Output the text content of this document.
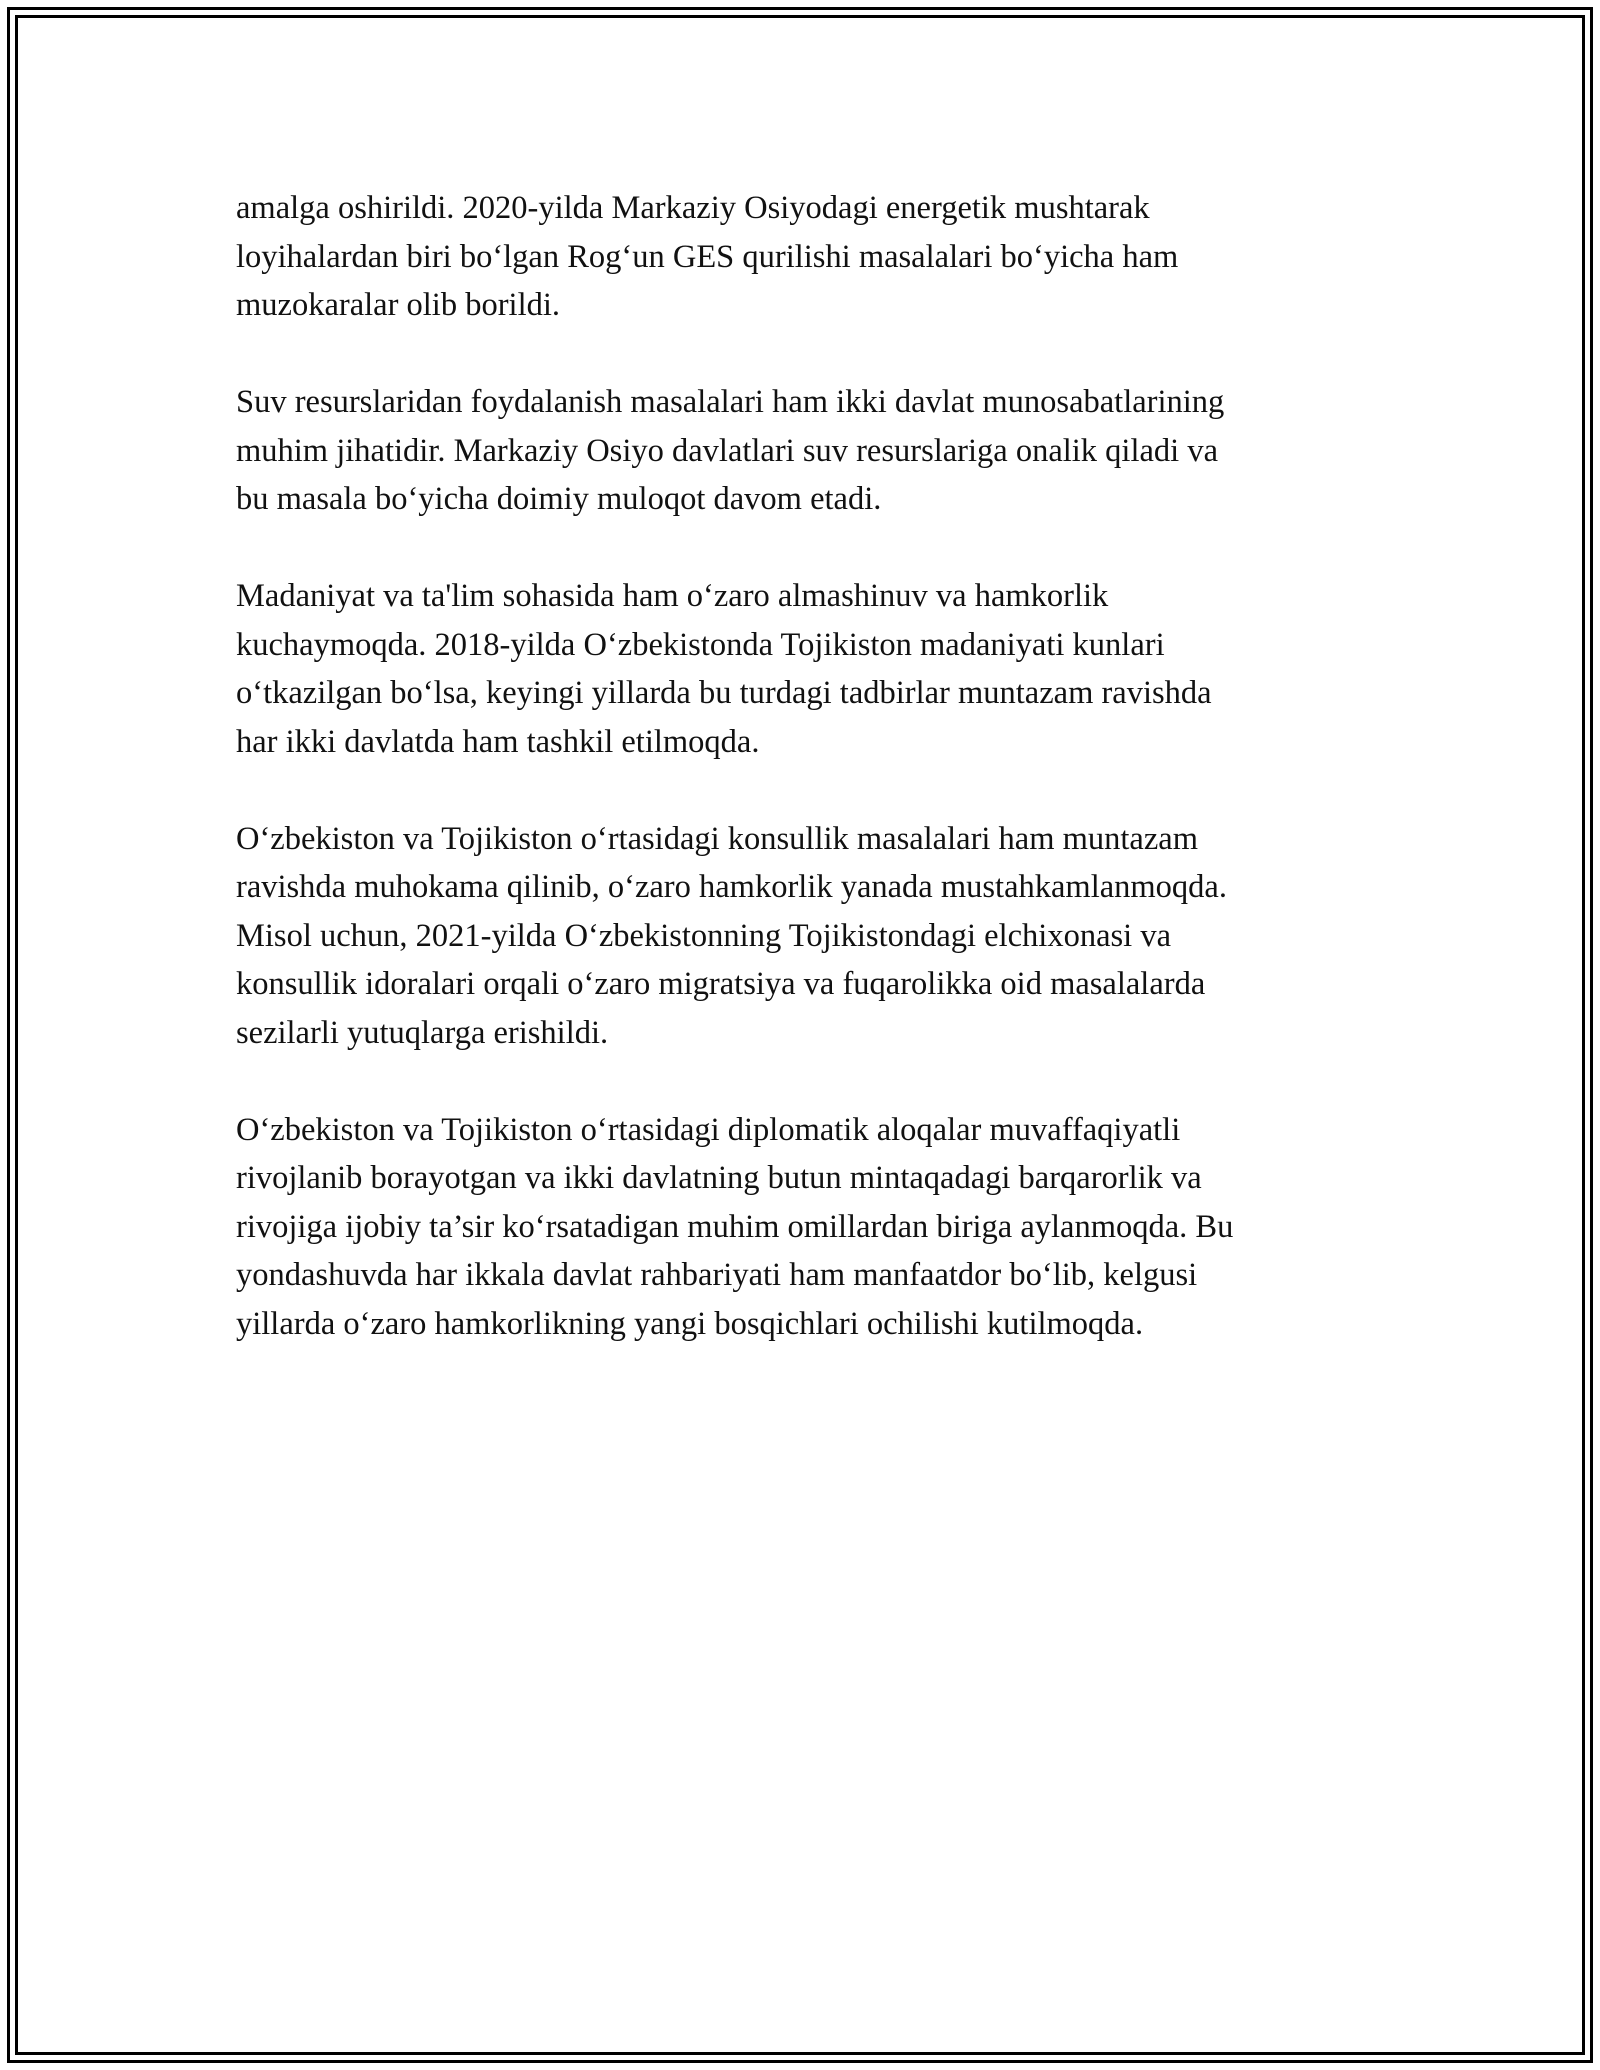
amalga oshirildi. 2020-yilda Markaziy Osiyodagi energetik mushtarak
loyihalardan biri bo‘lgan Rog‘un GES qurilishi masalalari bo‘yicha ham
muzokaralar olib borildi.

Suv resurslaridan foydalanish masalalari ham ikki davlat munosabatlarining
muhim jihatidir. Markaziy Osiyo davlatlari suv resurslariga onalik qiladi va
bu masala bo‘yicha doimiy muloqot davom etadi.

Madaniyat va ta'lim sohasida ham o‘zaro almashinuv va hamkorlik
kuchaymoqda. 2018-yilda O‘zbekistonda Tojikiston madaniyati kunlari
o‘tkazilgan bo‘lsa, keyingi yillarda bu turdagi tadbirlar muntazam ravishda
har ikki davlatda ham tashkil etilmoqda.

O‘zbekiston va Tojikiston o‘rtasidagi konsullik masalalari ham muntazam
ravishda muhokama qilinib, o‘zaro hamkorlik yanada mustahkamlanmoqda.
Misol uchun, 2021-yilda O‘zbekistonning Tojikistondagi elchixonasi va
konsullik idoralari orqali o‘zaro migratsiya va fuqarolikka oid masalalarda
sezilarli yutuqlarga erishildi.

O‘zbekiston va Tojikiston o‘rtasidagi diplomatik aloqalar muvaffaqiyatli
rivojlanib borayotgan va ikki davlatning butun mintaqadagi barqarorlik va
rivojiga ijobiy ta’sir ko‘rsatadigan muhim omillardan biriga aylanmoqda. Bu
yondashuvda har ikkala davlat rahbariyati ham manfaatdor bo‘lib, kelgusi
yillarda o‘zaro hamkorlikning yangi bosqichlari ochilishi kutilmoqda.
